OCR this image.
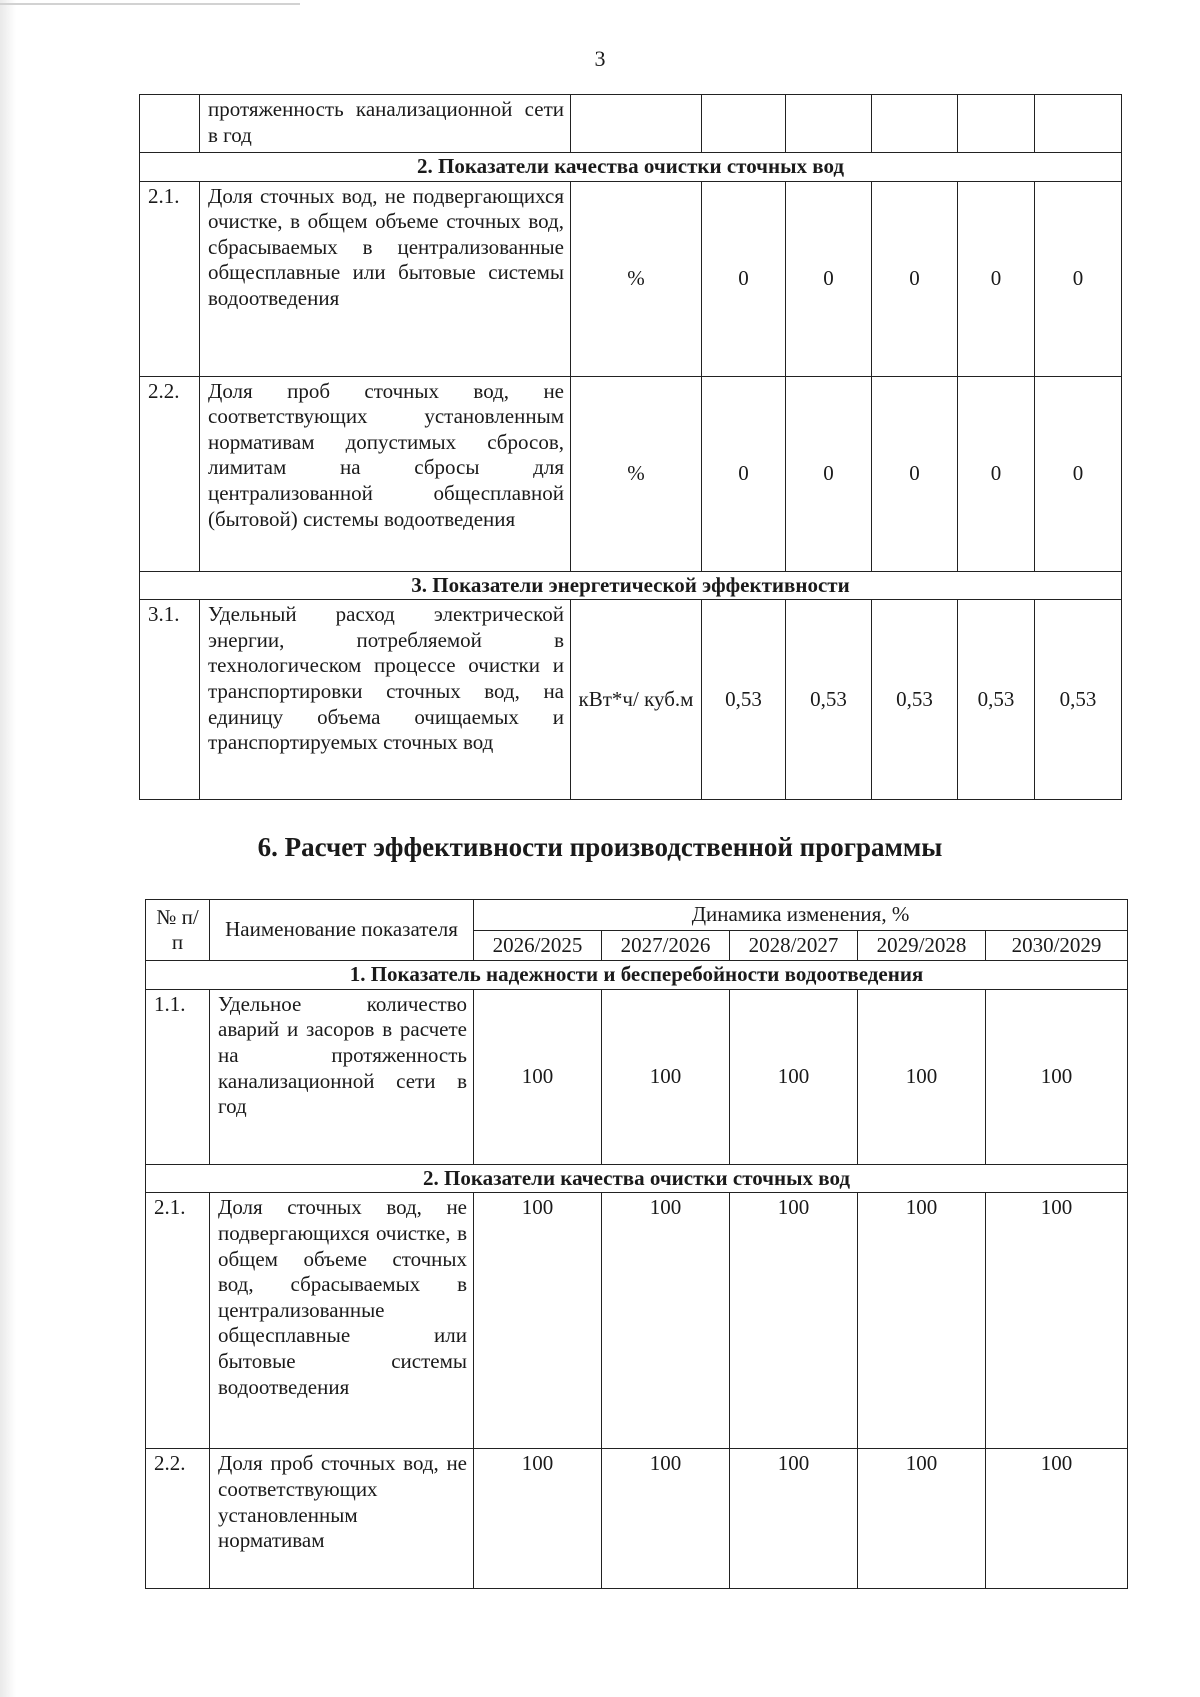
3
	протяженность канализационной сети в год						
2. Показатели качества очистки сточных вод							
2.1.	Доля сточных вод, не подвергающихся очистке, в общем объеме сточных вод, сбрасываемых в централизованные общесплавные или бытовые системы водоотведения	%	0	0	0	0	0
2.2.	Доля проб сточных вод, не соответствующих установленным нормативам допустимых сбросов, лимитам на сбросы для централизованной общесплавной (бытовой) системы водоотведения	%	0	0	0	0	0
3. Показатели энергетической эффективности							
3.1.	Удельный расход электрической энергии, потребляемой в технологическом процессе очистки и транспортировки сточных вод, на единицу объема очищаемых и транспортируемых сточных вод	кВт*ч/ куб.м	0,53	0,53	0,53	0,53	0,53
6. Расчет эффективности производственной программы
№ п/п	Наименование показателя	Динамика изменения, %				
		2026/2025	2027/2026	2028/2027	2029/2028	2030/2029
1. Показатель надежности и бесперебойности водоотведения						
1.1.	Удельное количество аварий и засоров в расчете на протяженность канализационной сети в год	100	100	100	100	100
2. Показатели качества очистки сточных вод						
2.1.	Доля сточных вод, не подвергающихся очистке, в общем объеме сточных вод, сбрасываемых в централизованные общесплавные или бытовые системы водоотведения	100	100	100	100	100
2.2.	Доля проб сточных вод, не соответствующих установленным нормативам	100	100	100	100	100
